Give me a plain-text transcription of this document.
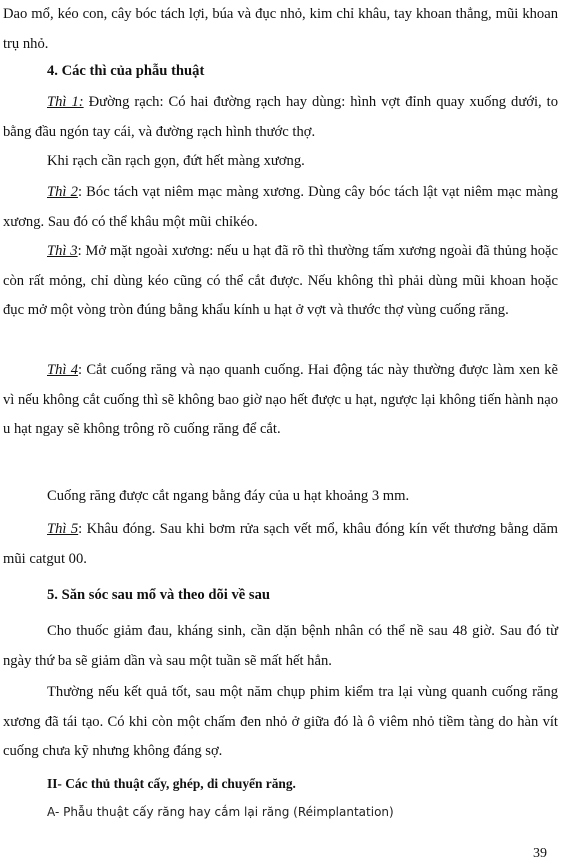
Dao mổ, kéo con, cây bóc tách lợi, búa và đục nhỏ, kim chỉ khâu, tay khoan thẳng, mũi khoan trụ nhỏ.

4. Các thì của phẫu thuật

Thì 1: Đường rạch: Có hai đường rạch hay dùng: hình vợt đỉnh quay xuống dưới, to bằng đầu ngón tay cái, và đường rạch hình thước thợ.

Khi rạch cần rạch gọn, đứt hết màng xương.

Thì 2: Bóc tách vạt niêm mạc màng xương. Dùng cây bóc tách lật vạt niêm mạc màng xương. Sau đó có thể khâu một mũi chỉkéo.

Thì 3: Mở mặt ngoài xương: nếu u hạt đã rõ thì thường tấm xương ngoài đã thủng hoặc còn rất mỏng, chỉ dùng kéo cũng có thể cắt được. Nếu không thì phải dùng mũi khoan hoặc đục mở một vòng tròn đúng bằng khẩu kính u hạt ở vợt và thước thợ vùng cuống răng.

Thì 4: Cắt cuống răng và nạo quanh cuống. Hai động tác này thường được làm xen kẽ vì nếu không cắt cuống thì sẽ không bao giờ nạo hết được u hạt, ngược lại không tiến hành nạo u hạt ngay sẽ không trông rõ cuống răng để cắt.

Cuống răng được cắt ngang bằng đáy của u hạt khoảng 3 mm.

Thì 5: Khâu đóng. Sau khi bơm rửa sạch vết mổ, khâu đóng kín vết thương bằng dăm mũi catgut 00.

5. Săn sóc sau mổ và theo dõi về sau

Cho thuốc giảm đau, kháng sinh, cần dặn bệnh nhân có thể nề sau 48 giờ. Sau đó từ ngày thứ ba sẽ giảm dần và sau một tuần sẽ mất hết hẳn.

Thường nếu kết quả tốt, sau một năm chụp phim kiểm tra lại vùng quanh cuống răng xương đã tái tạo. Có khi còn một chấm đen nhỏ ở giữa đó là ô viêm nhỏ tiềm tàng do hàn vít cuống chưa kỹ nhưng không đáng sợ.

II- Các thủ thuật cấy, ghép, di chuyển răng.

A- Phẫu thuật cấy răng hay cắm lại răng (Réimplantation)

39
